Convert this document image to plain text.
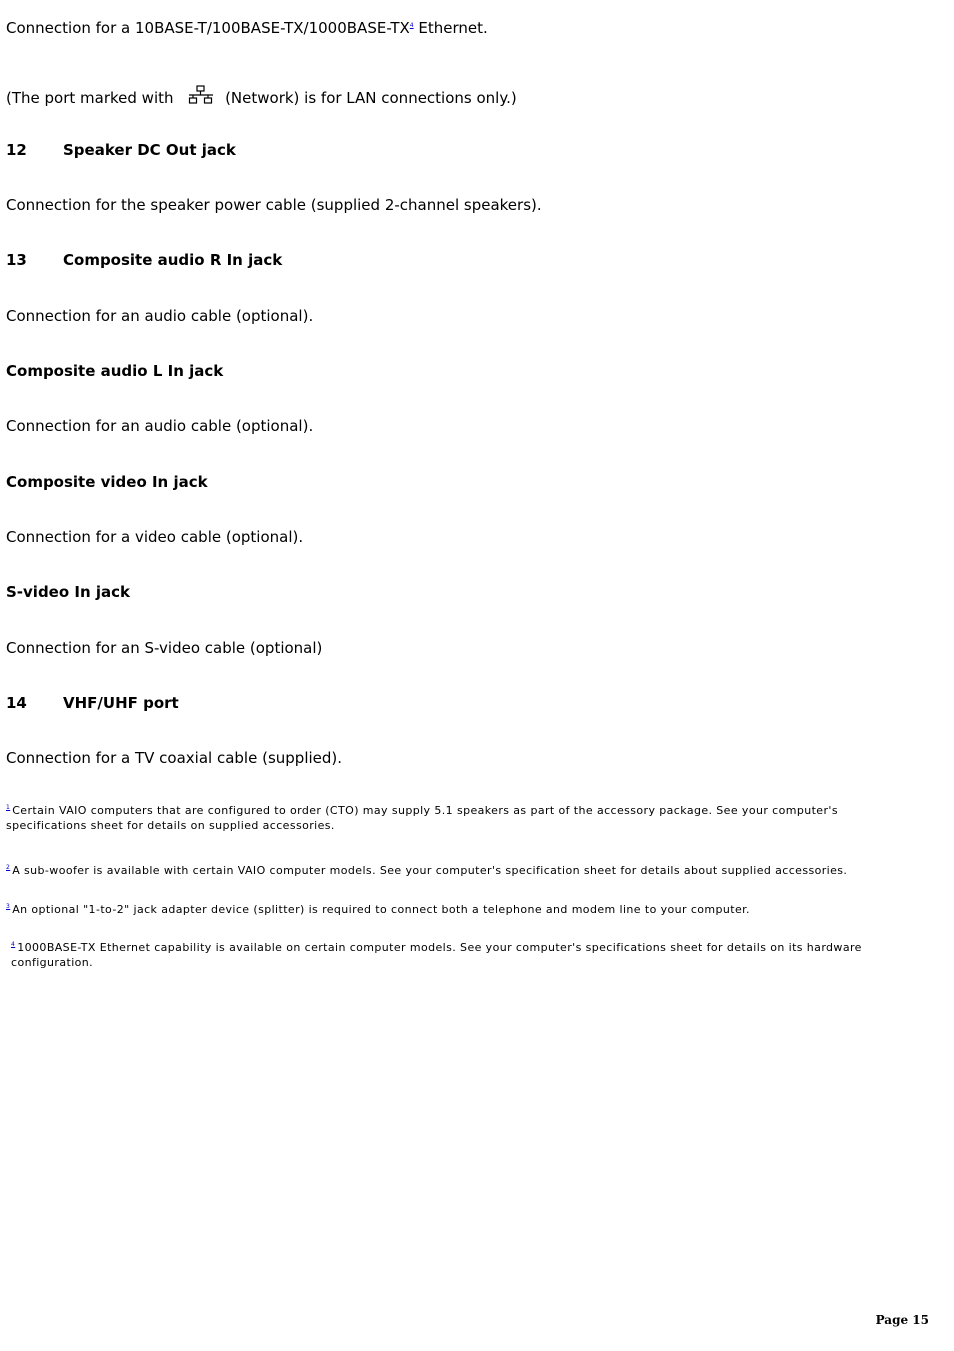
Connection for a 10BASE-T/100BASE-TX/1000BASE-TX$^4$ Ethernet.
(The port marked with	(Network) is for LAN connections only.)
12 Speaker DC Out jack
Connection for the speaker power cable (supplied 2-channel speakers).
13 Composite audio R In jack
Connection for an audio cable (optional).
Composite audio L In jack
Connection for an audio cable (optional).
Composite video In jack
Connection for a video cable (optional).
S-video In jack
Connection for an S-video cable (optional)
14 VHF/UHF port
Connection for a TV coaxial cable (supplied).
$^1$ Certain VAIO computers that are configured to order (CTO) may supply 5.1 speakers as part of the accessory package. See your computer's specifications sheet for details on supplied accessories.
$^2$ A sub-woofer is available with certain VAIO computer models. See your computer's specification sheet for details about supplied accessories.
$^3$ An optional "1-to-2" jack adapter device (splitter) is required to connect both a telephone and modem line to your computer.
$^4$ 1000BASE-TX Ethernet capability is available on certain computer models. See your computer's specifications sheet for details on its hardware configuration.
Page 15
